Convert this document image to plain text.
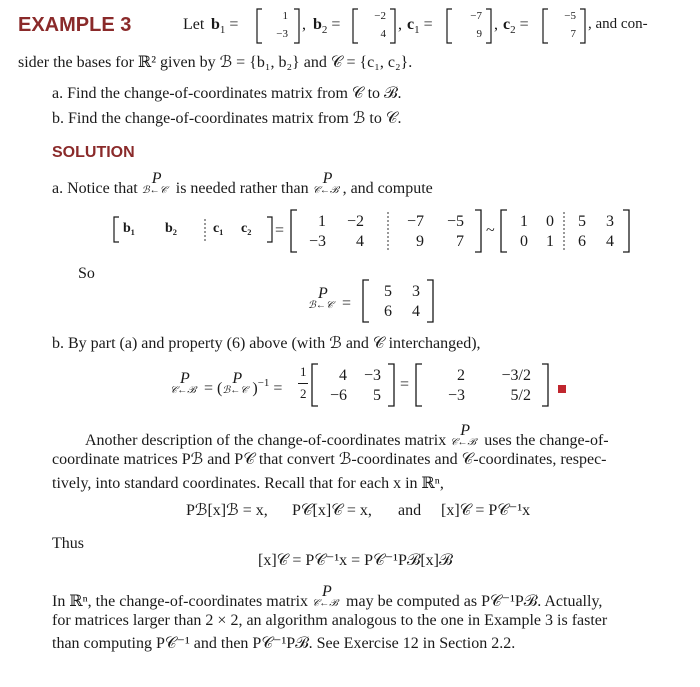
EXAMPLE 3	Let $b_1$ =	1
−3
, $b_2$ =	−2
4
, $c_1$ =	−7
9
, $c_2$ =	−5
7
, and con-
sider the bases for ℝ² given by ℬ = {b₁, b₂} and 𝒞 = {c₁, c₂}.
a. Find the change-of-coordinates matrix from 𝒞 to ℬ.
b. Find the change-of-coordinates matrix from ℬ to 𝒞.
SOLUTION
a. Notice that
P
ℬ←𝒞 is needed rather than
P
𝒞←ℬ , and compute
b₁ b₂	c₁ c₂ =
1	−2	−7	−5
−3	4	9	7
~
1	0	5	3
0	1	6	4
So
P
ℬ←𝒞 =
5	3
6	4
b. By part (a) and property (6) above (with ℬ and 𝒞 interchanged),
P
𝒞←ℬ = (
P
ℬ←𝒞 )$^{-1}$ =
1
2
4	−3
−6	5
=
2	−3/2
−3	5/2
Another description of the change-of-coordinates matrix
P
𝒞←ℬ uses the change-of-
coordinate matrices Pℬ and P𝒞 that convert ℬ-coordinates and 𝒞-coordinates, respec-
tively, into standard coordinates. Recall that for each x in ℝⁿ,
Pℬ[x]ℬ = x, P𝒞[x]𝒞 = x, and [x]𝒞 = P𝒞⁻¹x
Thus
[x]𝒞 = P𝒞⁻¹x = P𝒞⁻¹Pℬ[x]ℬ
In ℝⁿ, the change-of-coordinates matrix
P
𝒞←ℬ may be computed as P𝒞⁻¹Pℬ. Actually,
for matrices larger than 2 × 2, an algorithm analogous to the one in Example 3 is faster
than computing P𝒞⁻¹ and then P𝒞⁻¹Pℬ. See Exercise 12 in Section 2.2.
